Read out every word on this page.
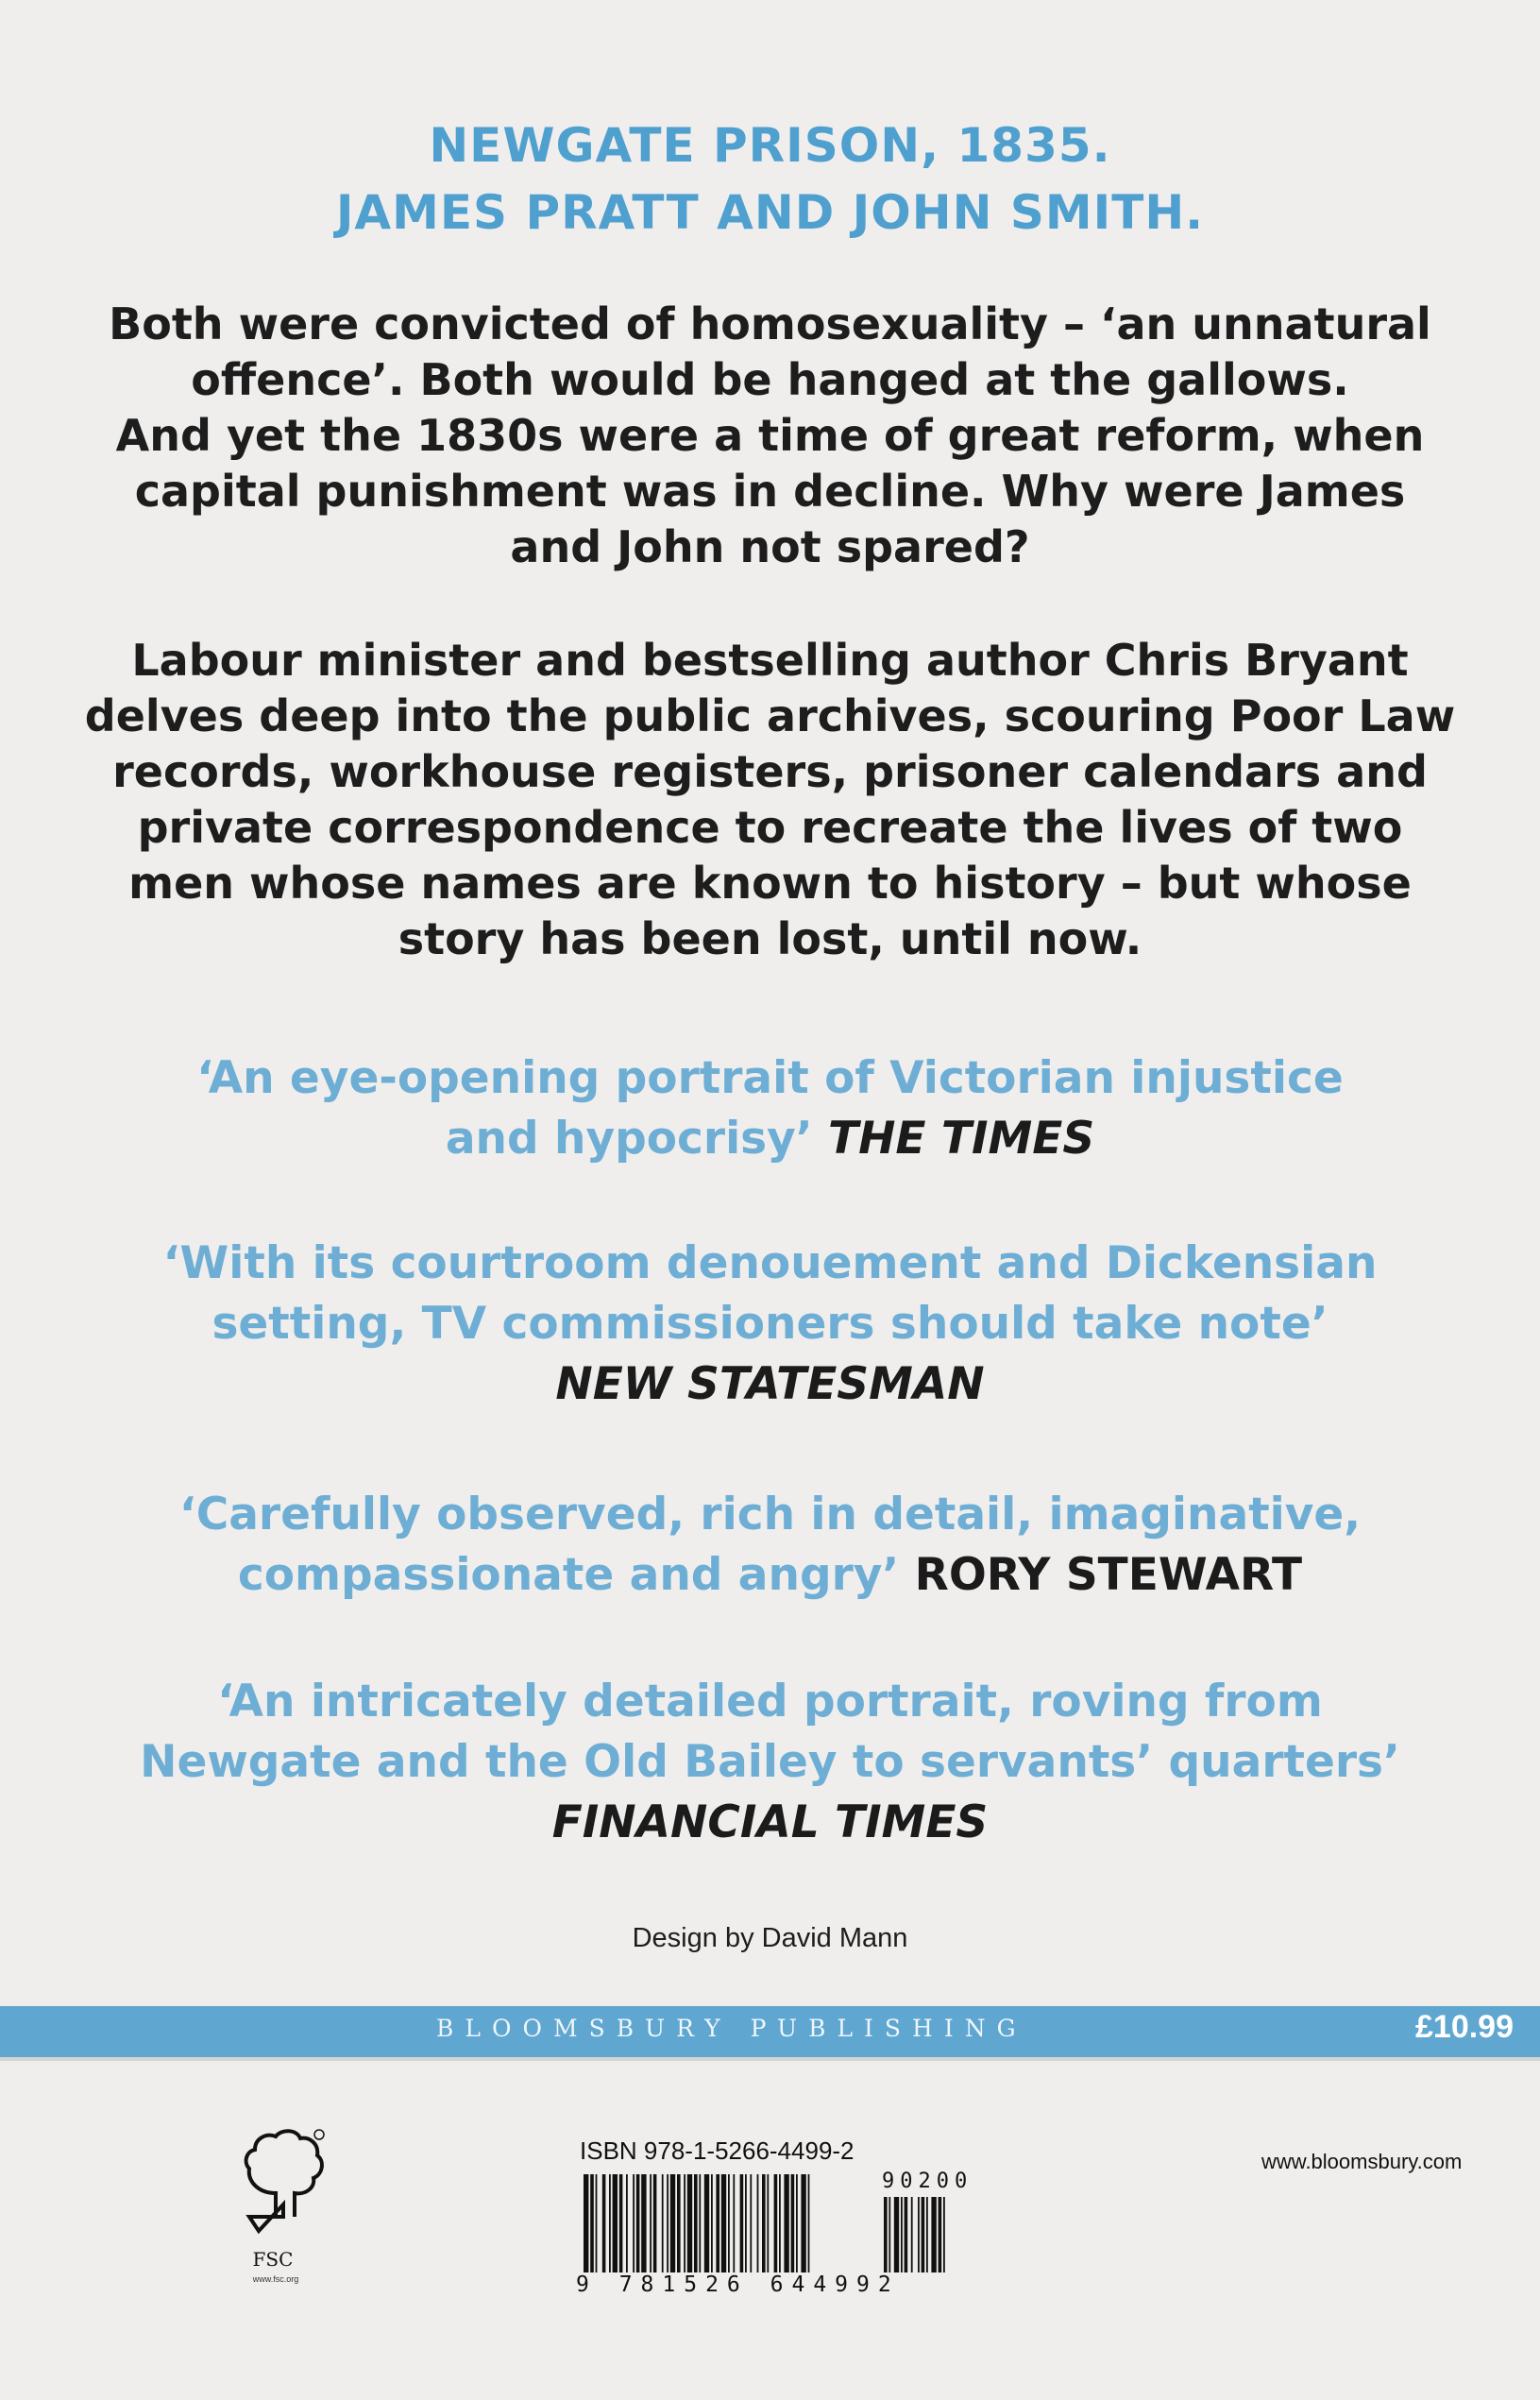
NEWGATE PRISON, 1835.
JAMES PRATT AND JOHN SMITH.
Both were convicted of homosexuality – ‘an unnatural
offence’. Both would be hanged at the gallows.
And yet the 1830s were a time of great reform, when
capital punishment was in decline. Why were James
and John not spared?
Labour minister and bestselling author Chris Bryant
delves deep into the public archives, scouring Poor Law
records, workhouse registers, prisoner calendars and
private correspondence to recreate the lives of two
men whose names are known to history – but whose
story has been lost, until now.
‘An eye-opening portrait of Victorian injustice
and hypocrisy’ THE TIMES
‘With its courtroom denouement and Dickensian
setting, TV commissioners should take note’
NEW STATESMAN
‘Carefully observed, rich in detail, imaginative,
compassionate and angry’ RORY STEWART
‘An intricately detailed portrait, roving from
Newgate and the Old Bailey to servants’ quarters’
FINANCIAL TIMES
Design by David Mann
BLOOMSBURY PUBLISHING	£10.99
FSC
www.fsc.org
ISBN 978-1-5266-4499-2
90200
9 781526 644992
www.bloomsbury.com
